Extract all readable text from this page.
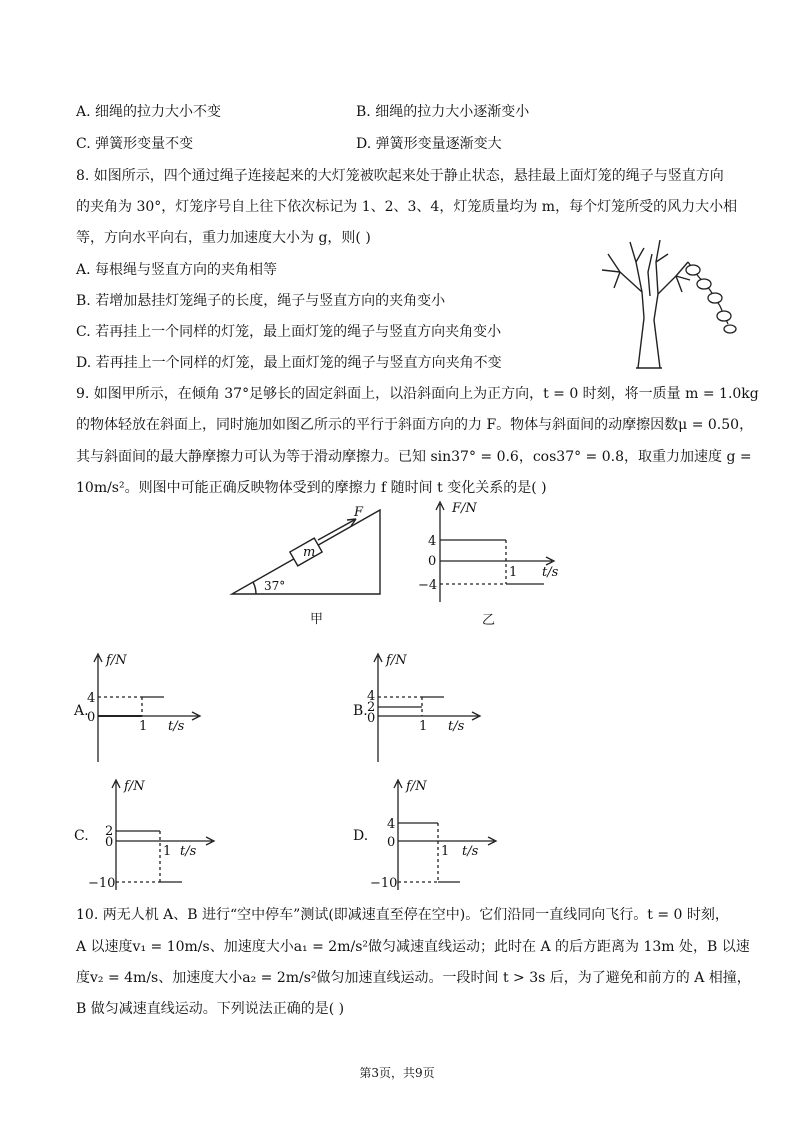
A. 细绳的拉力大小不变	B. 细绳的拉力大小逐渐变小
C. 弹簧形变量不变	D. 弹簧形变量逐渐变大
8. 如图所示，四个通过绳子连接起来的大灯笼被吹起来处于静止状态，悬挂最上面灯笼的绳子与竖直方向
的夹角为 30°，灯笼序号自上往下依次标记为 1、2、3、4，灯笼质量均为 m，每个灯笼所受的风力大小相
等，方向水平向右，重力加速度大小为 g，则( )
A. 每根绳与竖直方向的夹角相等
B. 若增加悬挂灯笼绳子的长度，绳子与竖直方向的夹角变小
C. 若再挂上一个同样的灯笼，最上面灯笼的绳子与竖直方向夹角变小
D. 若再挂上一个同样的灯笼，最上面灯笼的绳子与竖直方向夹角不变
9. 如图甲所示，在倾角 37°足够长的固定斜面上，以沿斜面向上为正方向，t = 0 时刻，将一质量 m = 1.0kg
的物体轻放在斜面上，同时施加如图乙所示的平行于斜面方向的力 F。物体与斜面间的动摩擦因数μ = 0.50，
其与斜面间的最大静摩擦力可认为等于滑动摩擦力。已知 sin37° = 0.6，cos37° = 0.8，取重力加速度 g =
10m/s²。则图中可能正确反映物体受到的摩擦力 f 随时间 t 变化关系的是( )
m
F
37°
甲
F/N
t/s
4
0
−4
1
乙
A.
f/N
t/s
4
0
1
B.
f/N
t/s
4
2
0
1
C.
f/N
t/s
2
0
−10
1
D.
f/N
t/s
4
0
−10
1
10. 两无人机 A、B 进行“空中停车”测试(即减速直至停在空中)。它们沿同一直线同向飞行。t = 0 时刻，
A 以速度v₁ = 10m/s、加速度大小a₁ = 2m/s²做匀减速直线运动；此时在 A 的后方距离为 13m 处，B 以速
度v₂ = 4m/s、加速度大小a₂ = 2m/s²做匀加速直线运动。一段时间 t > 3s 后，为了避免和前方的 A 相撞，
B 做匀减速直线运动。下列说法正确的是( )
第3页，共9页
